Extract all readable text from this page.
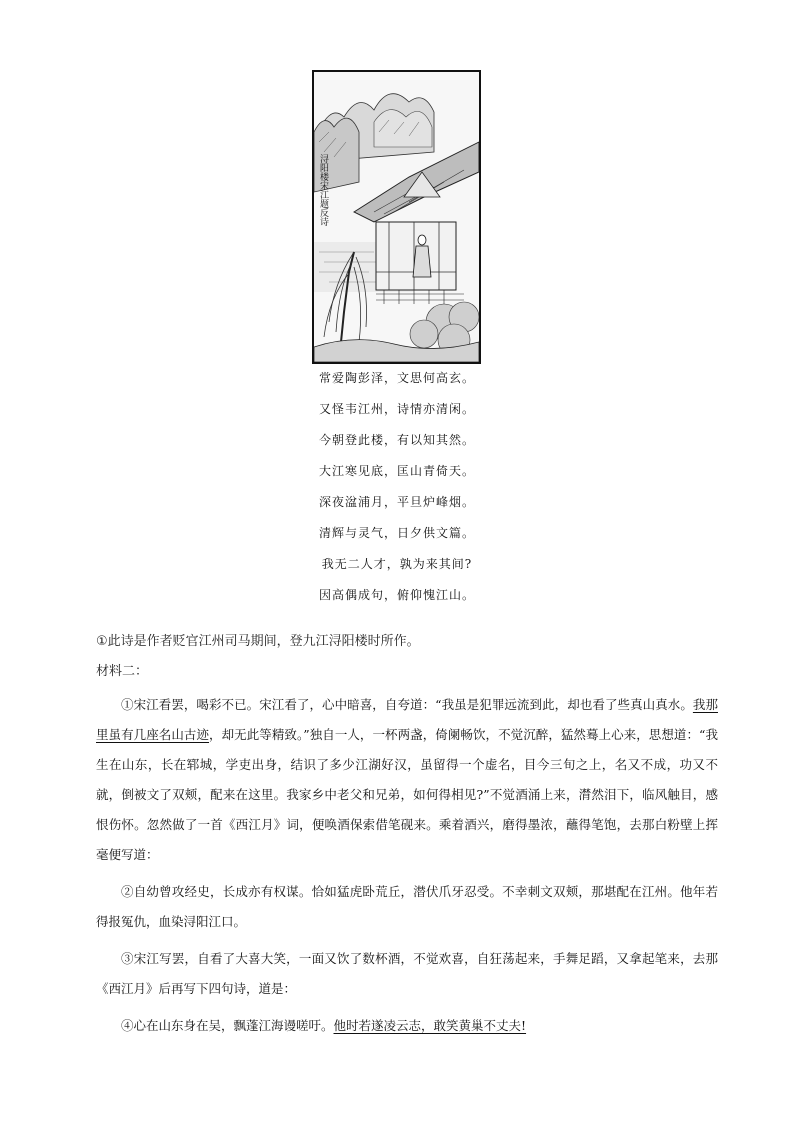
浔阳楼宋江题反诗

常爱陶彭泽，文思何高玄。

又怪韦江州，诗情亦清闲。

今朝登此楼，有以知其然。

大江寒见底，匡山青倚天。

深夜湓浦月，平旦炉峰烟。

清辉与灵气，日夕供文篇。

我无二人才，孰为来其间?

因高偶成句，俯仰愧江山。

①此诗是作者贬官江州司马期间，登九江浔阳楼时所作。
材料二：

①宋江看罢，喝彩不已。宋江看了，心中暗喜，自夸道：“我虽是犯罪远流到此，却也看了些真山真水。我那里虽有几座名山古迹，却无此等精致。”独自一人，一杯两盏，倚阑畅饮，不觉沉醉，猛然蓦上心来，思想道：“我生在山东，长在郓城，学吏出身，结识了多少江湖好汉，虽留得一个虚名，目今三旬之上，名又不成，功又不就，倒被文了双颊，配来在这里。我家乡中老父和兄弟，如何得相见?”不觉酒涌上来，潸然泪下，临风触目，感恨伤怀。忽然做了一首《西江月》词，便唤酒保索借笔砚来。乘着酒兴，磨得墨浓，蘸得笔饱，去那白粉壁上挥毫便写道：

②自幼曾攻经史，长成亦有权谋。恰如猛虎卧荒丘，潜伏爪牙忍受。不幸刺文双颊，那堪配在江州。他年若得报冤仇，血染浔阳江口。

③宋江写罢，自看了大喜大笑，一面又饮了数杯酒，不觉欢喜，自狂荡起来，手舞足蹈，又拿起笔来，去那《西江月》后再写下四句诗，道是：

④心在山东身在吴，飘蓬江海谩嗟吁。他时若遂凌云志，敢笑黄巢不丈夫!
